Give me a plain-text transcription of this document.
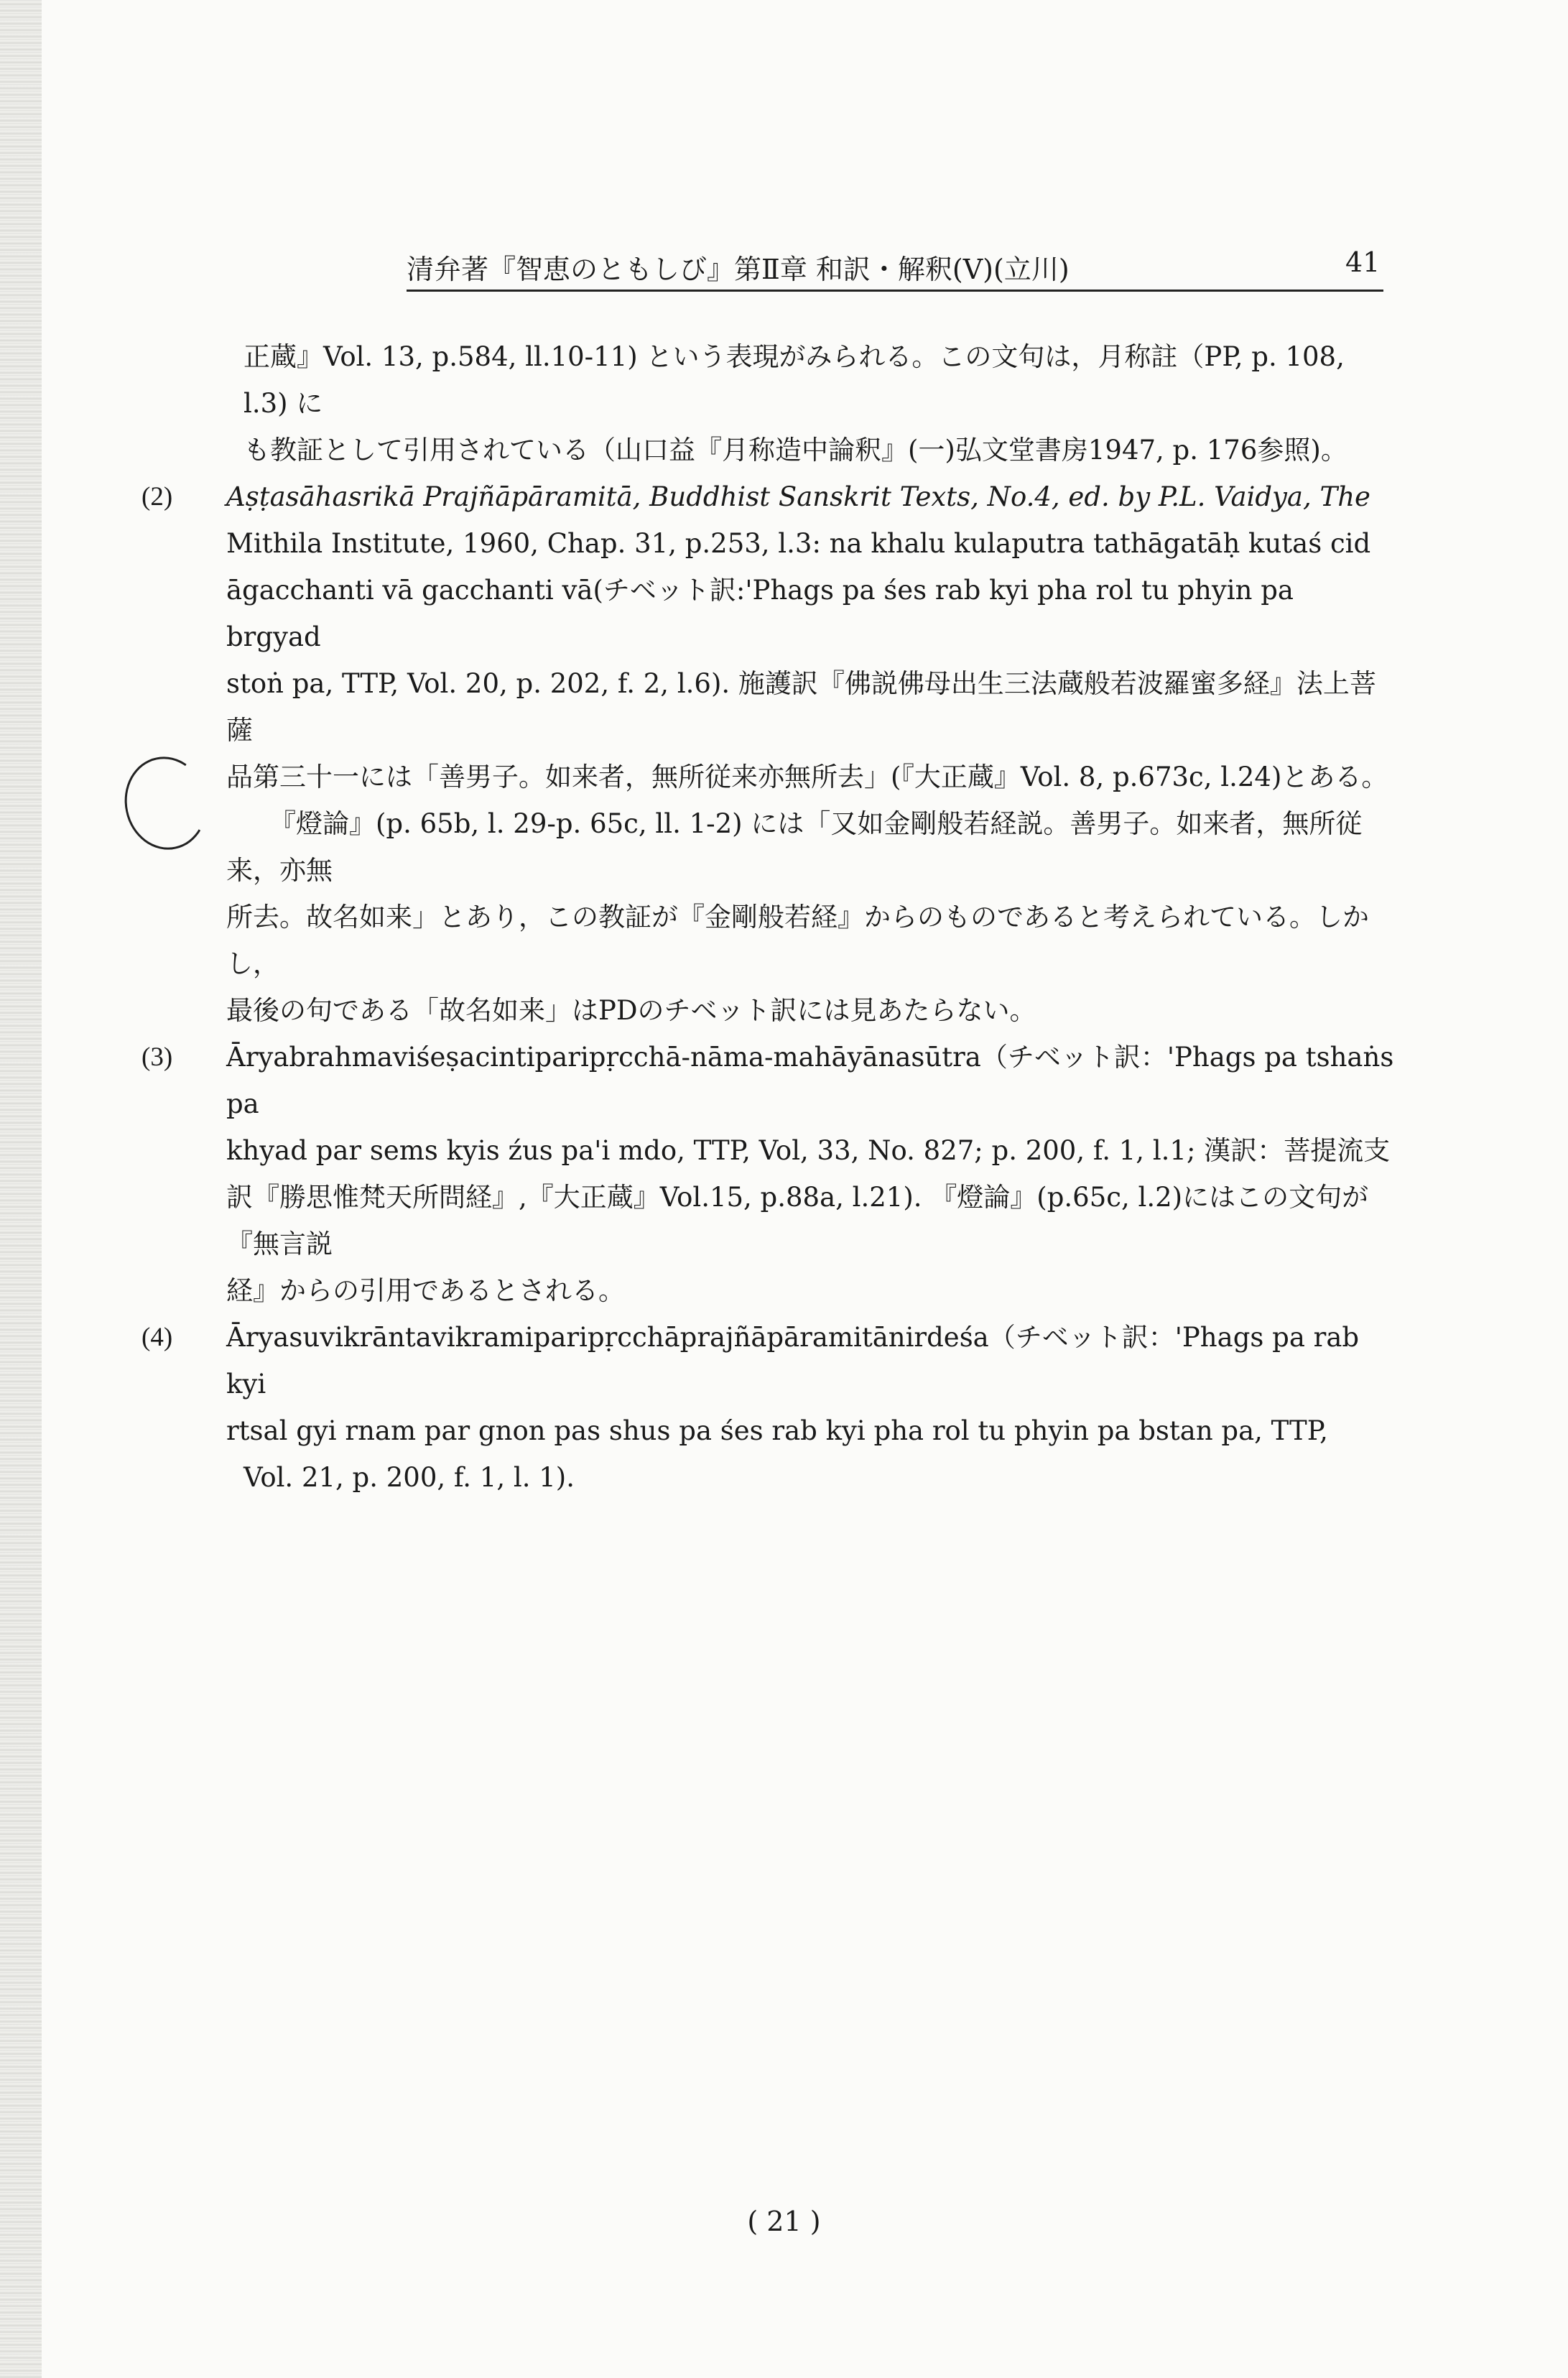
清弁著『智恵のともしび』第Ⅱ章 和訳・解釈(Ⅴ)(立川)	41

正蔵』Vol. 13, p.584, ll.10-11) という表現がみられる。この文句は，月称註（PP, p. 108, l.3) に

も教証として引用されている（山口益『月称造中論釈』(一)弘文堂書房1947, p. 176参照)。

(2)	Aṣṭasāhasrikā Prajñāpāramitā, Buddhist Sanskrit Texts, No.4, ed. by P.L. Vaidya, The

Mithila Institute, 1960, Chap. 31, p.253, l.3: na khalu kulaputra tathāgatāḥ kutaś cid

āgacchanti vā gacchanti vā(チベット訳:'Phags pa śes rab kyi pha rol tu phyin pa brgyad

stoṅ pa, TTP, Vol. 20, p. 202, f. 2, l.6). 施護訳『佛説佛母出生三法蔵般若波羅蜜多経』法上菩薩

品第三十一には「善男子。如来者，無所従来亦無所去」(『大正蔵』Vol. 8, p.673c, l.24)とある。

『燈論』(p. 65b, l. 29-p. 65c, ll. 1-2) には「又如金剛般若経説。善男子。如来者，無所従来，亦無

所去。故名如来」とあり，この教証が『金剛般若経』からのものであると考えられている。しかし，

最後の句である「故名如来」はPDのチベット訳には見あたらない。

(3)	Āryabrahmaviśeṣacintiparipṛcchā-nāma-mahāyānasūtra（チベット訳：'Phags pa tshaṅs pa

khyad par sems kyis źus pa'i mdo, TTP, Vol, 33, No. 827; p. 200, f. 1, l.1; 漢訳：菩提流支

訳『勝思惟梵天所問経』,『大正蔵』Vol.15, p.88a, l.21). 『燈論』(p.65c, l.2)にはこの文句が『無言説

経』からの引用であるとされる。

(4)	Āryasuvikrāntavikramiparipṛcchāprajñāpāramitānirdeśa（チベット訳：'Phags pa rab kyi

rtsal gyi rnam par gnon pas shus pa śes rab kyi pha rol tu phyin pa bstan pa, TTP,

Vol. 21, p. 200, f. 1, l. 1).

( 21 )
